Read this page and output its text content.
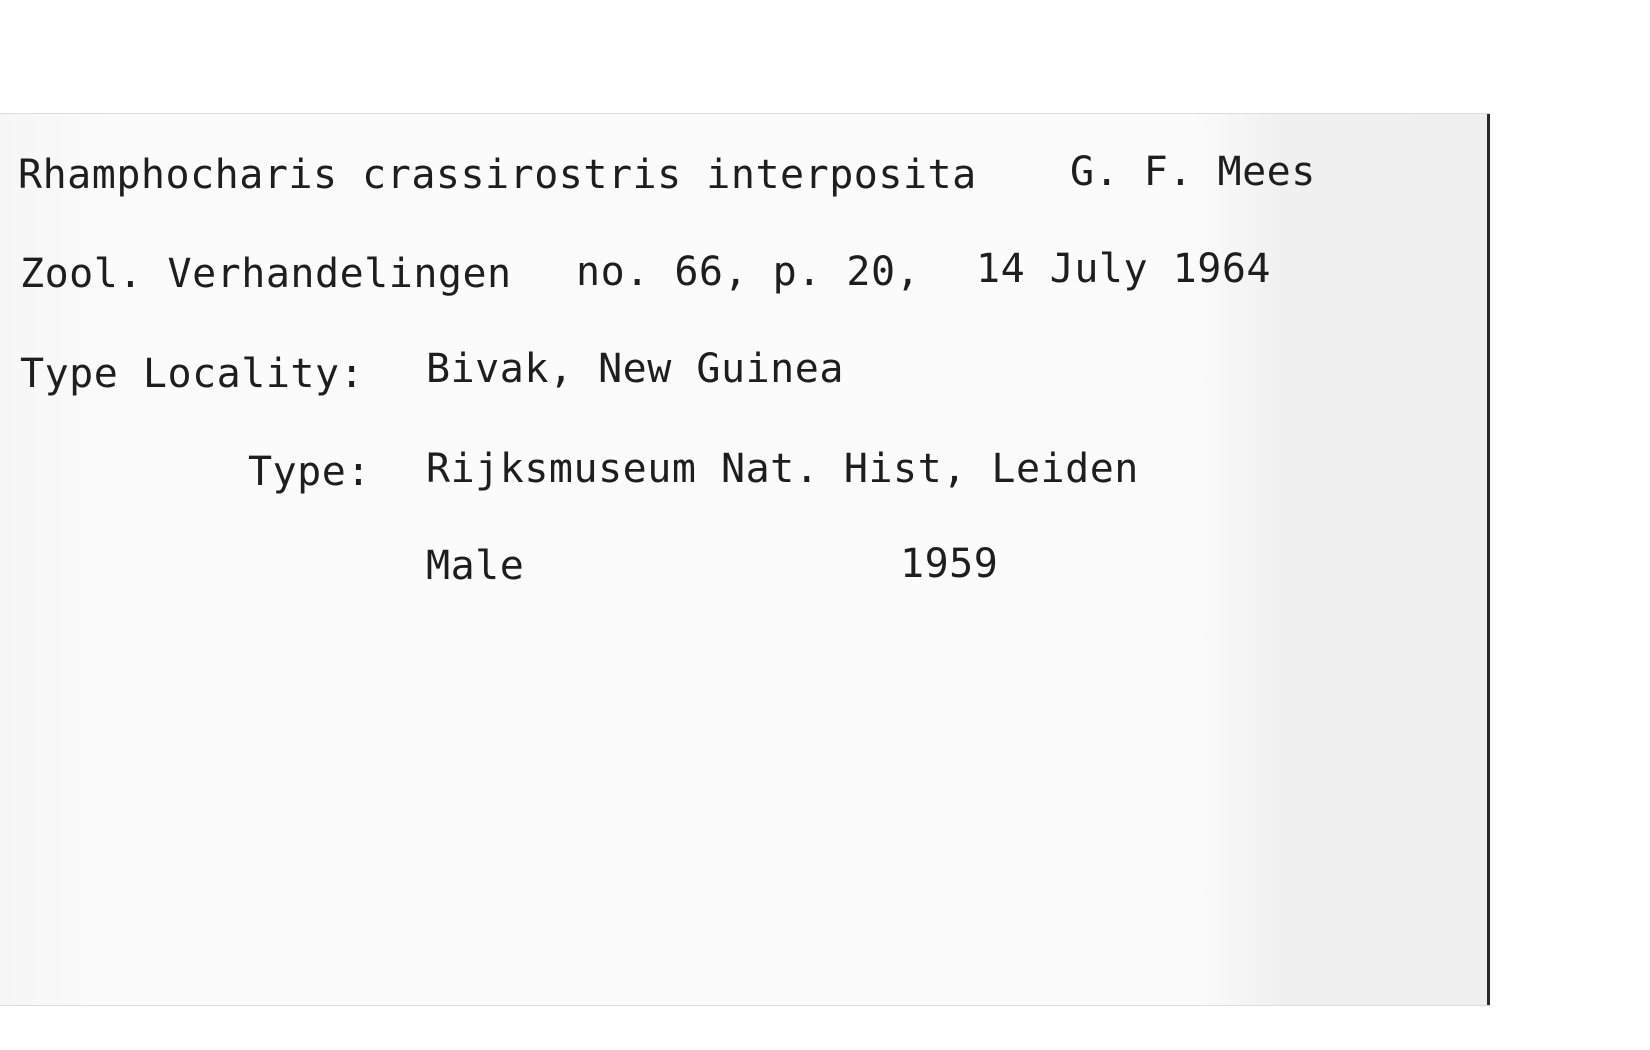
Rhamphocharis crassirostris interposita G. F. Mees
Zool. Verhandelingen no. 66, p. 20, 14 July 1964
Type Locality: Bivak, New Guinea
Type: Rijksmuseum Nat. Hist, Leiden
Male	1959
